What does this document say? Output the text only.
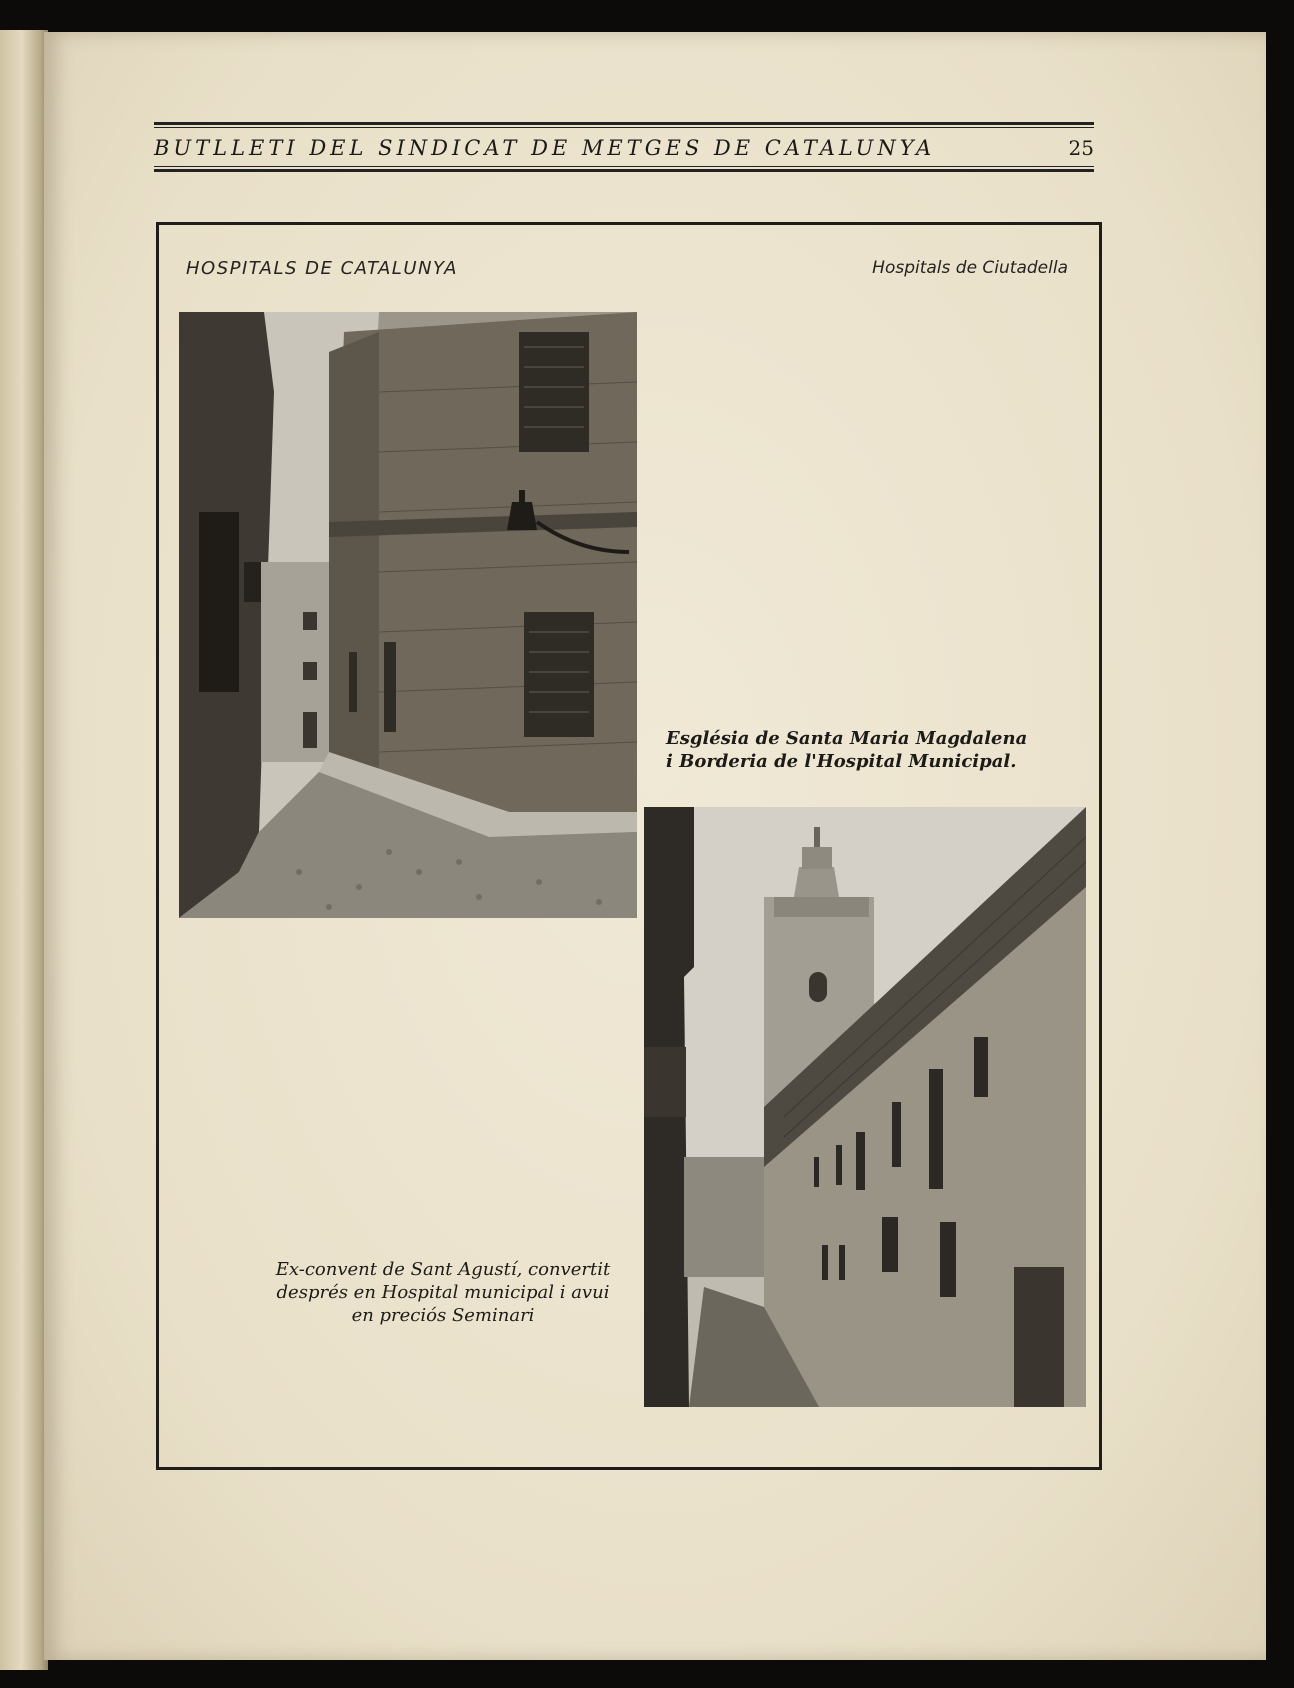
BUTLLETI DEL SINDICAT DE METGES DE CATALUNYA	25
HOSPITALS DE CATALUNYA	Hospitals de Ciutadella

Església de Santa Maria Magdalena

i Borderia de l'Hospital Municipal.

Ex-convent de Sant Agustí, convertit

després en Hospital municipal i avui

en preciós Seminari
